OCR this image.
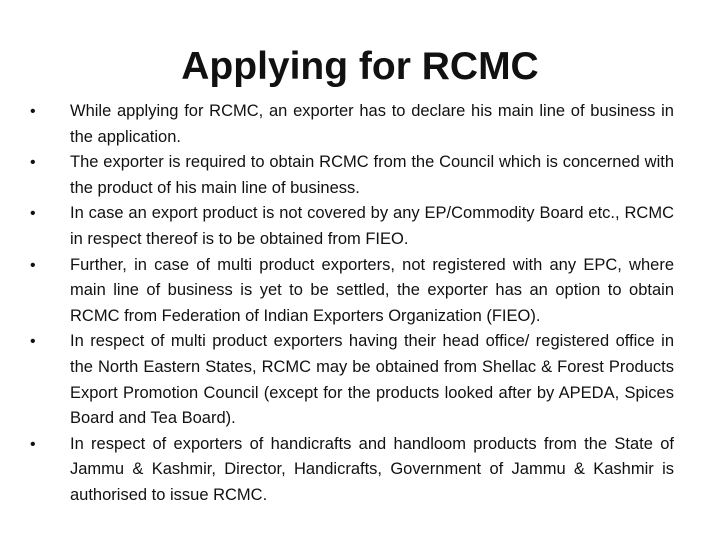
Applying for RCMC
•	While applying for RCMC, an exporter has to declare his main line of business in the application.
•	The exporter is required to obtain RCMC from the Council which is concerned with the product of his main line of business.
•	In case an export product is not covered by any EP/Commodity Board etc., RCMC in respect thereof is to be obtained from FIEO.
•	Further, in case of multi product exporters, not registered with any EPC, where main line of business is yet to be settled, the exporter has an option to obtain RCMC from Federation of Indian Exporters Organization (FIEO).
•	In respect of multi product exporters having their head office/ registered office in the North Eastern States, RCMC may be obtained from Shellac & Forest Products Export Promotion Council (except for the products looked after by APEDA, Spices Board and Tea Board).
•	In respect of exporters of handicrafts and handloom products from the State of Jammu & Kashmir, Director, Handicrafts, Government of Jammu & Kashmir is authorised to issue RCMC.
